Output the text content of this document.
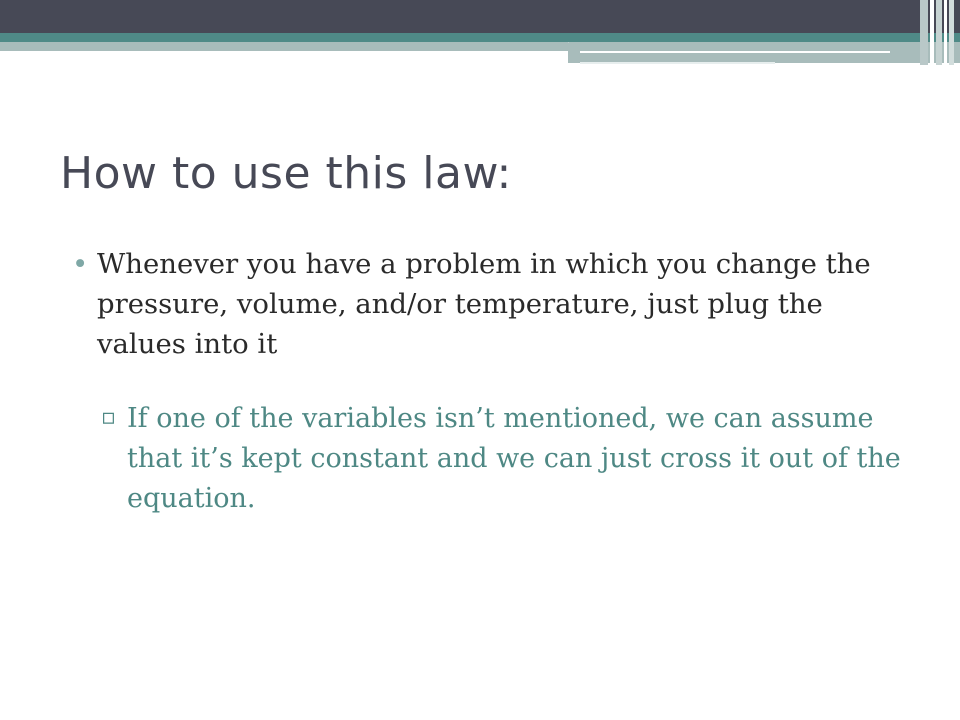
How to use this law:
• Whenever you have a problem in which you change the pressure, volume, and/or temperature, just plug the values into it
▫ If one of the variables isn’t mentioned, we can assume that it’s kept constant and we can just cross it out of the equation.
